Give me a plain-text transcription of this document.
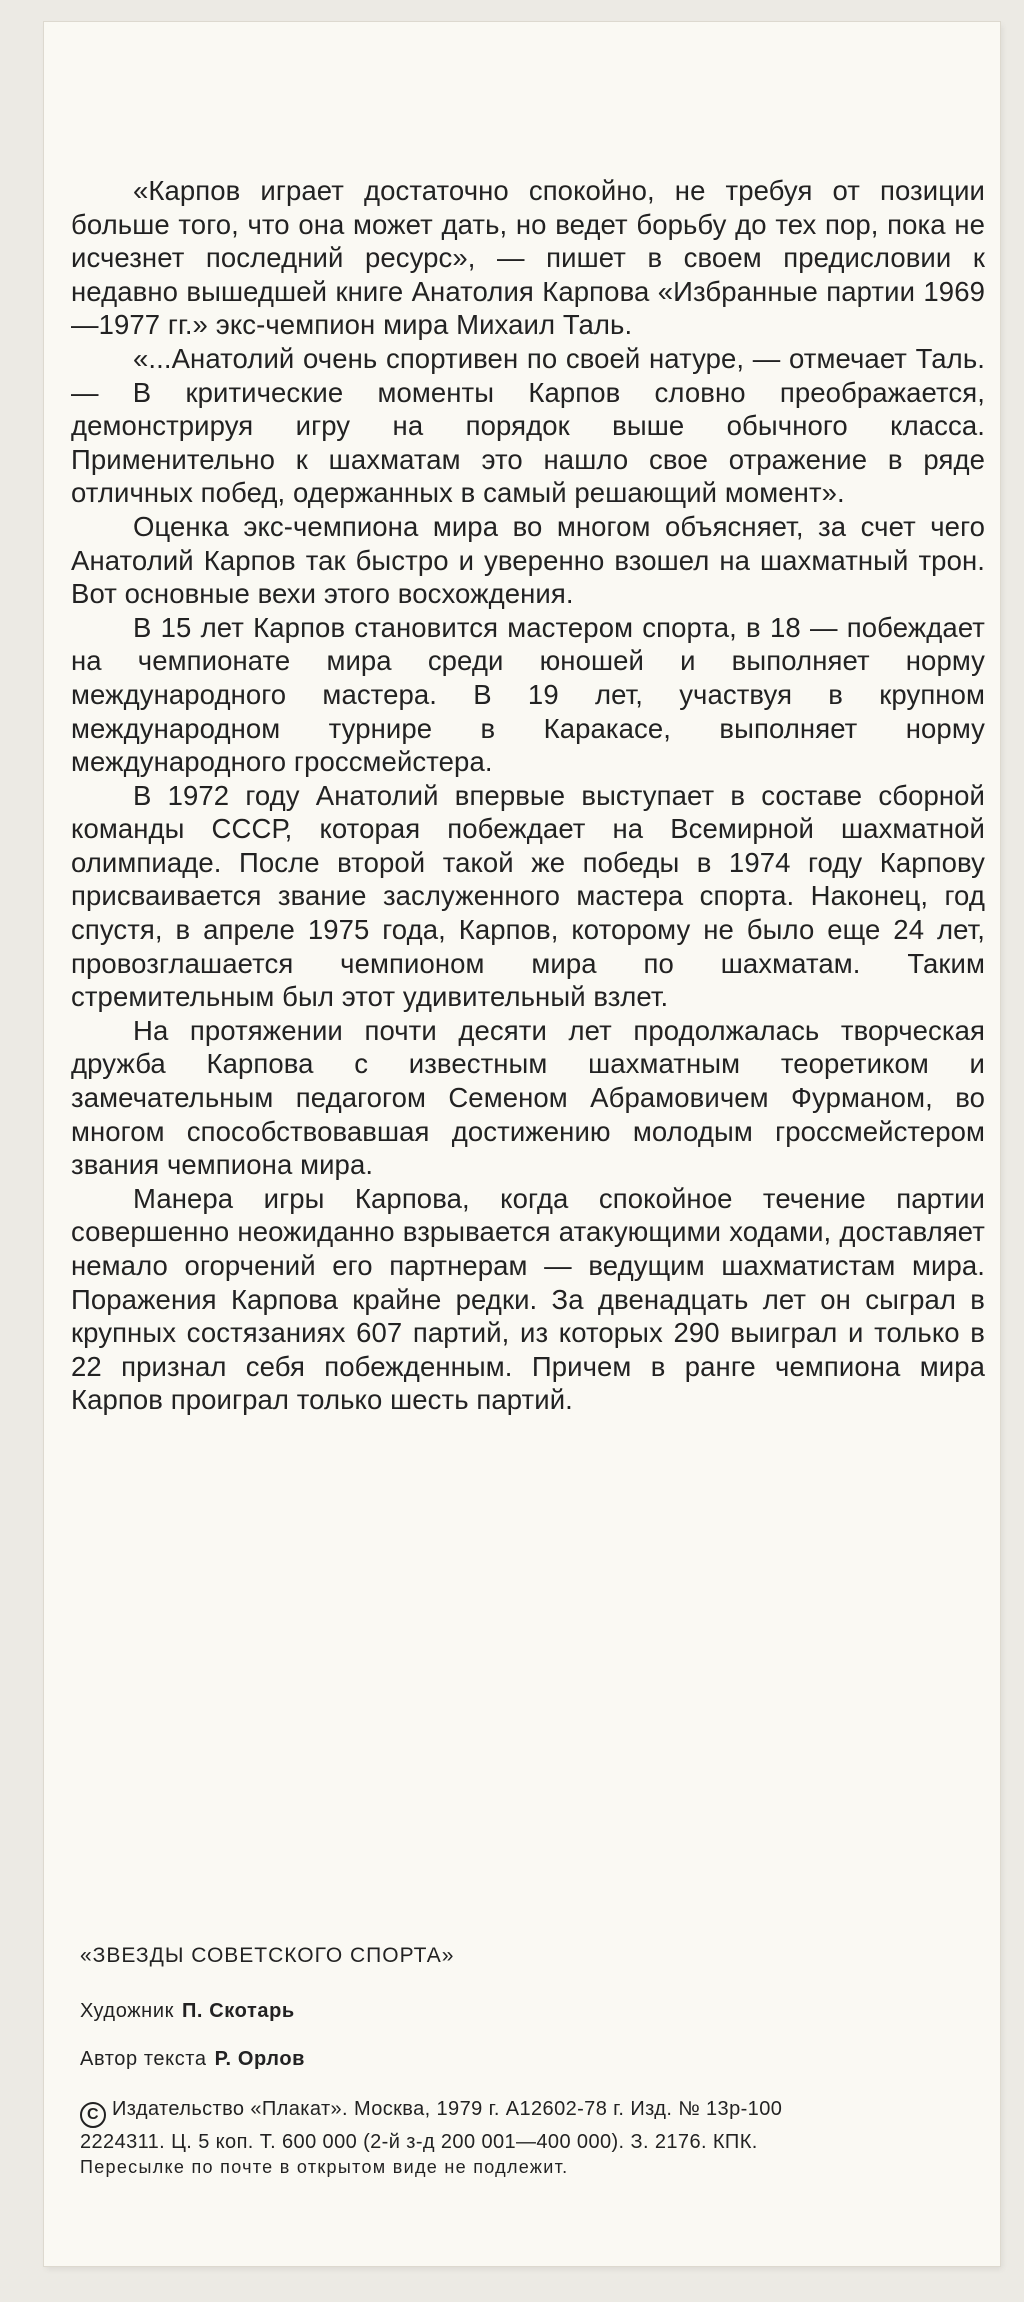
«Карпов играет достаточно спокойно, не требуя от позиции больше того, что она может дать, но ведет борьбу до тех пор, пока не исчезнет последний ресурс», — пишет в своем предисловии к недавно вышедшей книге Анатолия Карпова «Избранные партии 1969—1977 гг.» экс-чемпион мира Михаил Таль.

«...Анатолий очень спортивен по своей натуре, — отмечает Таль. — В критические моменты Карпов словно преображается, демонстрируя игру на порядок выше обычного класса. Применительно к шахматам это нашло свое отражение в ряде отличных побед, одержанных в самый решающий момент».

Оценка экс-чемпиона мира во многом объясняет, за счет чего Анатолий Карпов так быстро и уверенно взошел на шахматный трон. Вот основные вехи этого восхождения.

В 15 лет Карпов становится мастером спорта, в 18 — побеждает на чемпионате мира среди юношей и выполняет норму международного мастера. В 19 лет, участвуя в крупном международном турнире в Каракасе, выполняет норму международного гроссмейстера.

В 1972 году Анатолий впервые выступает в составе сборной команды СССР, которая побеждает на Всемирной шахматной олимпиаде. После второй такой же победы в 1974 году Карпову присваивается звание заслуженного мастера спорта. Наконец, год спустя, в апреле 1975 года, Карпов, которому не было еще 24 лет, провозглашается чемпионом мира по шахматам. Таким стремительным был этот удивительный взлет.

На протяжении почти десяти лет продолжалась творческая дружба Карпова с известным шахматным теоретиком и замечательным педагогом Семеном Абрамовичем Фурманом, во многом способствовавшая достижению молодым гроссмейстером звания чемпиона мира.

Манера игры Карпова, когда спокойное течение партии совершенно неожиданно взрывается атакующими ходами, доставляет немало огорчений его партнерам — ведущим шахматистам мира. Поражения Карпова крайне редки. За двенадцать лет он сыграл в крупных состязаниях 607 партий, из которых 290 выиграл и только в 22 признал себя побежденным. Причем в ранге чемпиона мира Карпов проиграл только шесть партий.

«ЗВЕЗДЫ СОВЕТСКОГО СПОРТА»
Художник П. Скотарь
Автор текста Р. Орлов
C Издательство «Плакат». Москва, 1979 г. А12602-78 г. Изд. № 13р-100
2224311. Ц. 5 коп. Т. 600 000 (2-й з-д 200 001—400 000). З. 2176. КПК.
Пересылке по почте в открытом виде не подлежит.
